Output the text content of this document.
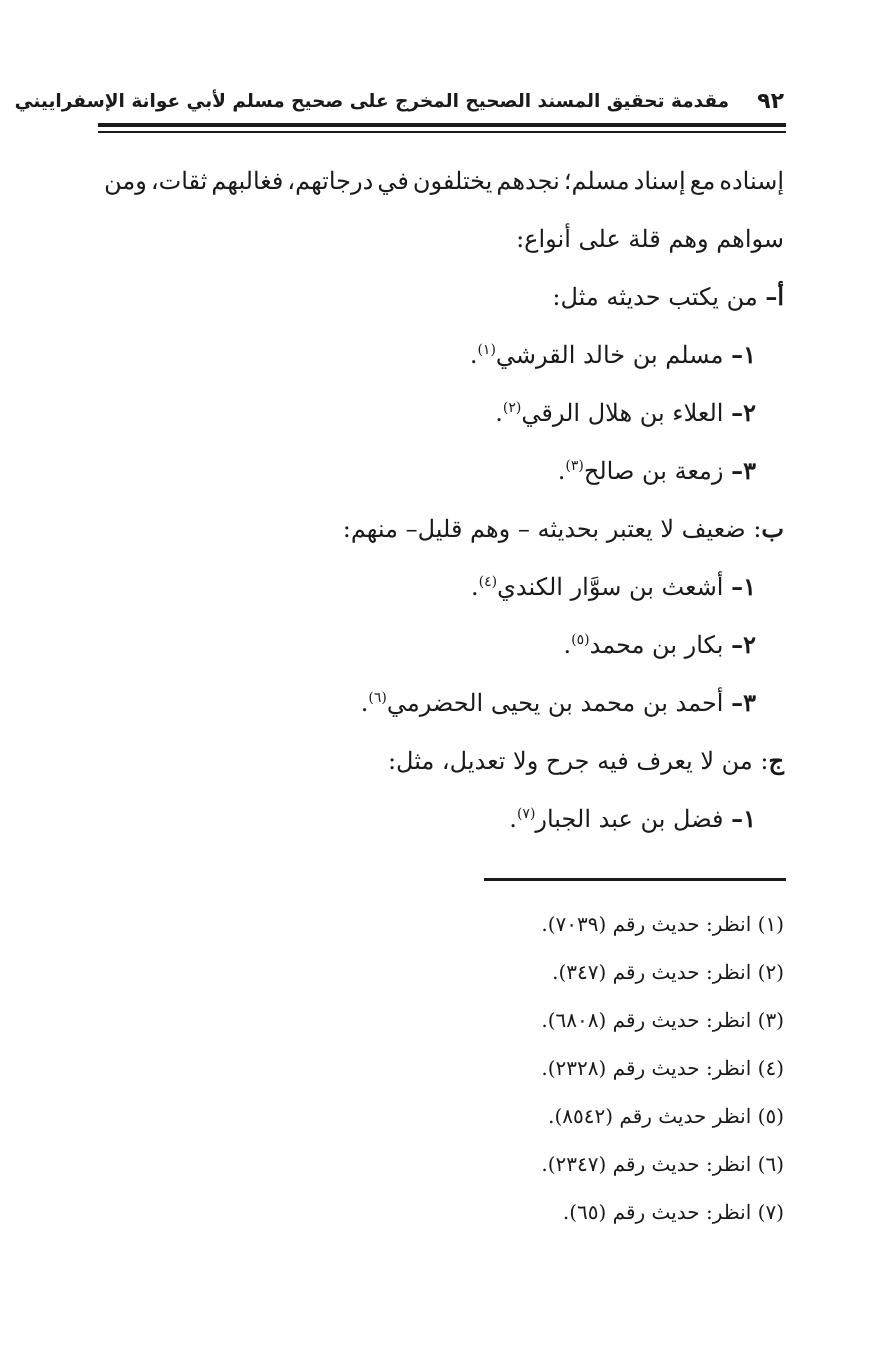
٩٢
مقدمة تحقيق المسند الصحيح المخرج على صحيح مسلم لأبي عوانة الإسفراييني
إسناده
مع
إسناد
مسلم؛
نجدهم
يختلفون
في
درجاتهم،
فغالبهم
ثقات،
ومن
سواهم وهم قلة على أنواع:
أ– من يكتب حديثه مثل:
١– مسلم بن خالد القرشي$^{(١)}$.
٢– العلاء بن هلال الرقي$^{(٢)}$.
٣– زمعة بن صالح$^{(٣)}$.
ب: ضعيف لا يعتبر بحديثه – وهم قليل– منهم:
١– أشعث بن سوَّار الكندي$^{(٤)}$.
٢– بكار بن محمد$^{(٥)}$.
٣– أحمد بن محمد بن يحيى الحضرمي$^{(٦)}$.
ج: من لا يعرف فيه جرح ولا تعديل، مثل:
١– فضل بن عبد الجبار$^{(٧)}$.
(١) انظر: حديث رقم (٧٠٣٩).
(٢) انظر: حديث رقم (٣٤٧).
(٣) انظر: حديث رقم (٦٨٠٨).
(٤) انظر: حديث رقم (٢٣٢٨).
(٥) انظر حديث رقم (٨٥٤٢).
(٦) انظر: حديث رقم (٢٣٤٧).
(٧) انظر: حديث رقم (٦٥).
